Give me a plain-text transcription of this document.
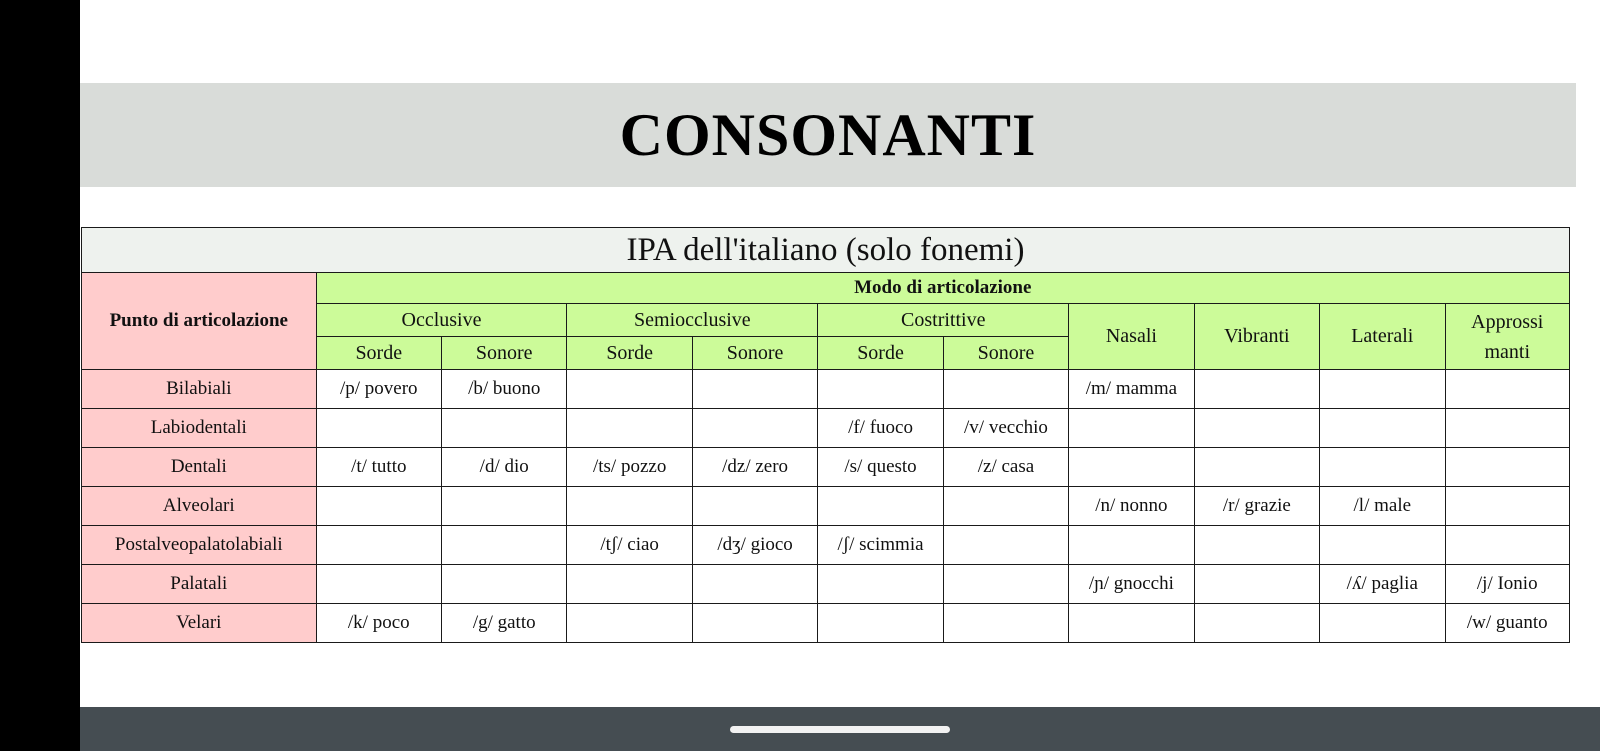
CONSONANTI
IPA dell'italiano (solo fonemi)										
Punto di articolazione	Modo di articolazione									
	Occlusive		Semiocclusive		Costrittive		Nasali	Vibranti	Laterali	Approssi
manti
	Sorde	Sonore	Sorde	Sonore	Sorde	Sonore				
Bilabiali	/p/ povero	/b/ buono					/m/ mamma			
Labiodentali					/f/ fuoco	/v/ vecchio				
Dentali	/t/ tutto	/d/ dio	/ts/ pozzo	/dz/ zero	/s/ questo	/z/ casa				
Alveolari							/n/ nonno	/r/ grazie	/l/ male	
Postalveopalatolabiali			/tʃ/ ciao	/dʒ/ gioco	/ʃ/ scimmia					
Palatali							/ɲ/ gnocchi		/ʎ/ paglia	/j/ Ionio
Velari	/k/ poco	/g/ gatto								/w/ guanto
